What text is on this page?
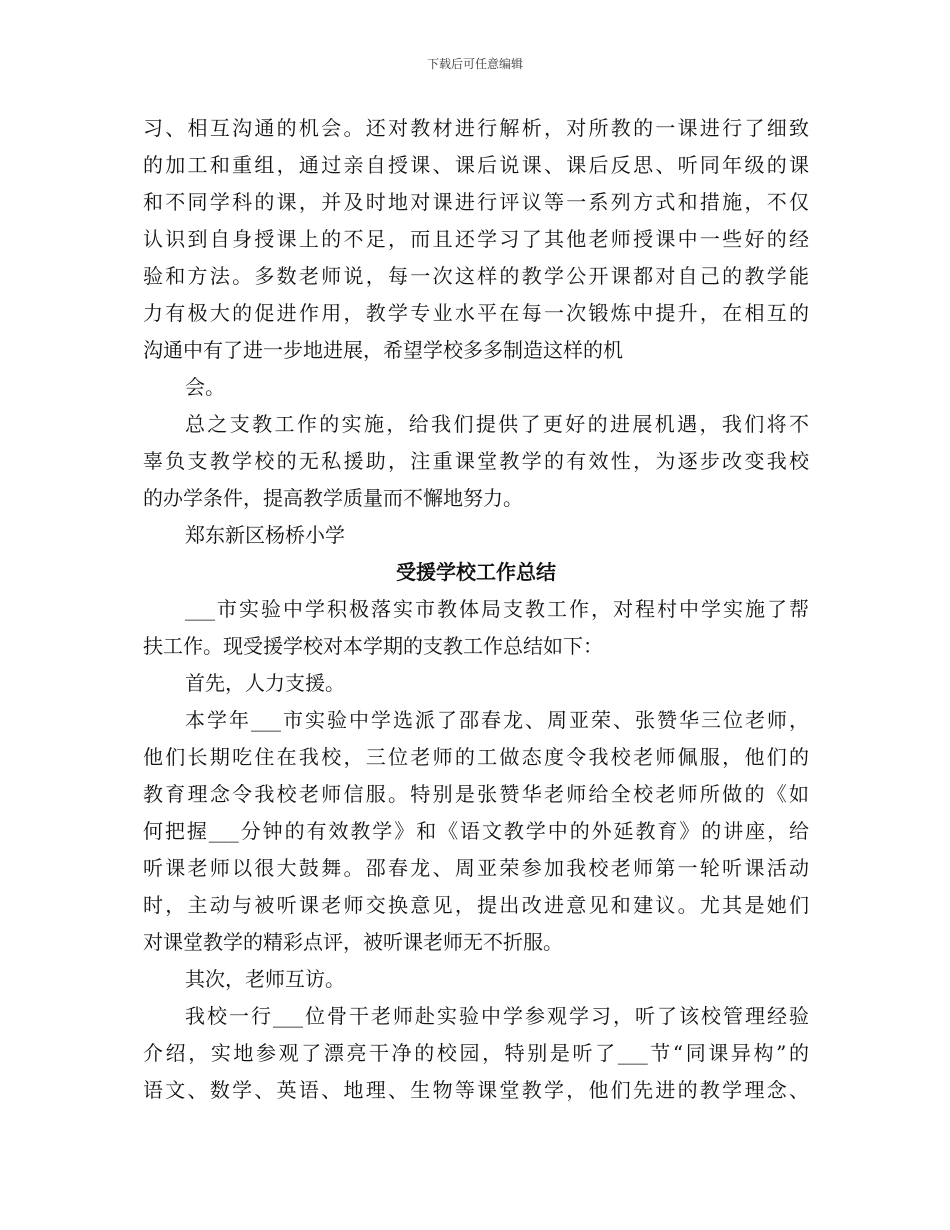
下载后可任意编辑
习、相互沟通的机会。还对教材进行解析，对所教的一课进行了细致
的加工和重组，通过亲自授课、课后说课、课后反思、听同年级的课
和不同学科的课，并及时地对课进行评议等一系列方式和措施，不仅
认识到自身授课上的不足，而且还学习了其他老师授课中一些好的经
验和方法。多数老师说，每一次这样的教学公开课都对自己的教学能
力有极大的促进作用，教学专业水平在每一次锻炼中提升，在相互的
沟通中有了进一步地进展，希望学校多多制造这样的机
会。
总之支教工作的实施，给我们提供了更好的进展机遇，我们将不
辜负支教学校的无私援助，注重课堂教学的有效性，为逐步改变我校
的办学条件，提高教学质量而不懈地努力。
郑东新区杨桥小学
受援学校工作总结
___市实验中学积极落实市教体局支教工作，对程村中学实施了帮
扶工作。现受援学校对本学期的支教工作总结如下：
首先，人力支援。
本学年___市实验中学选派了邵春龙、周亚荣、张赞华三位老师，
他们长期吃住在我校，三位老师的工做态度令我校老师佩服，他们的
教育理念令我校老师信服。特别是张赞华老师给全校老师所做的《如
何把握___分钟的有效教学》和《语文教学中的外延教育》的讲座，给
听课老师以很大鼓舞。邵春龙、周亚荣参加我校老师第一轮听课活动
时，主动与被听课老师交换意见，提出改进意见和建议。尤其是她们
对课堂教学的精彩点评，被听课老师无不折服。
其次，老师互访。
我校一行___位骨干老师赴实验中学参观学习，听了该校管理经验
介绍，实地参观了漂亮干净的校园，特别是听了___节“同课异构”的
语文、数学、英语、地理、生物等课堂教学，他们先进的教学理念、
